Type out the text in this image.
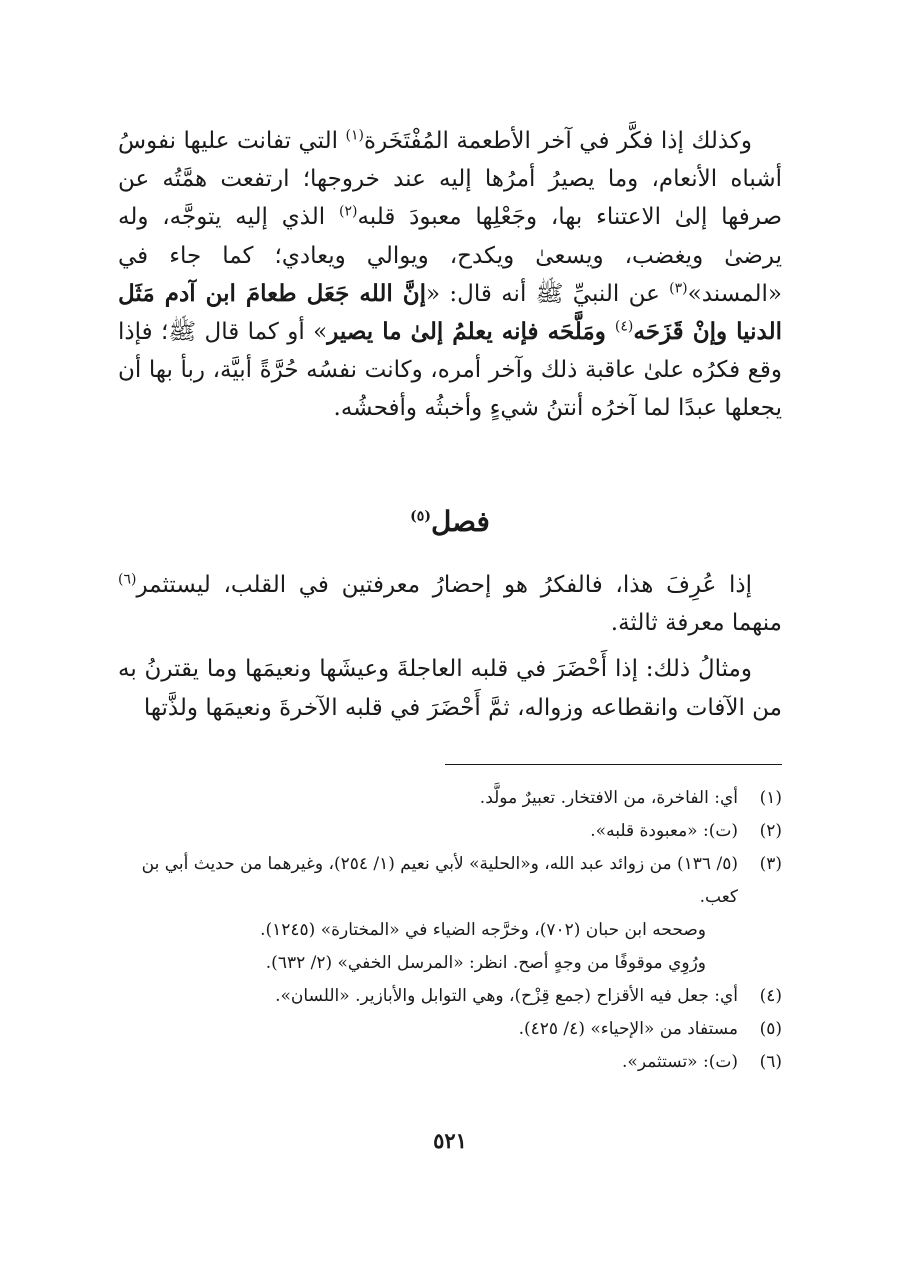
وكذلك إذا فكَّر في آخر الأطعمة المُفْتَخَرة$^{(١)}$ التي تفانت عليها نفوسُ أشباه الأنعام، وما يصيرُ أمرُها إليه عند خروجها؛ ارتفعت همَّتُه عن صرفها إلىٰ الاعتناء بها، وجَعْلِها معبودَ قلبه$^{(٢)}$ الذي إليه يتوجَّه، وله يرضىٰ ويغضب، ويسعىٰ ويكدح، ويوالي ويعادي؛ كما جاء في «المسند»$^{(٣)}$ عن النبيِّ ﷺ أنه قال: «إنَّ الله جَعَل طعامَ ابن آدم مَثَل الدنيا وإنْ قَزَحَه$^{(٤)}$ ومَلَّحَه فإنه يعلمُ إلىٰ ما يصير» أو كما قال ﷺ؛ فإذا وقع فكرُه علىٰ عاقبة ذلك وآخر أمره، وكانت نفسُه حُرَّةً أبيَّة، ربأ بها أن يجعلها عبدًا لما آخرُه أنتنُ شيءٍ وأخبثُه وأفحشُه.

فصل$^{(٥)}$

إذا عُرِفَ هذا، فالفكرُ هو إحضارُ معرفتين في القلب، ليستثمر$^{(٦)}$ منهما معرفة ثالثة.

ومثالُ ذلك: إذا أَحْضَرَ في قلبه العاجلةَ وعيشَها ونعيمَها وما يقترنُ به من الآفات وانقطاعه وزواله، ثمَّ أَحْضَرَ في قلبه الآخرةَ ونعيمَها ولذَّتها

(١)
أي: الفاخرة، من الافتخار. تعبيرٌ مولَّد.
(٢)
(ت): «معبودة قلبه».
(٣)
(٥/ ١٣٦) من زوائد عبد الله، و«الحلية» لأبي نعيم (١/ ٢٥٤)، وغيرهما من حديث أبي بن كعب.
وصححه ابن حبان (٧٠٢)، وخرَّجه الضياء في «المختارة» (١٢٤٥).
ورُوِي موقوفًا من وجهٍ أصح. انظر: «المرسل الخفي» (٢/ ٦٣٢).
(٤)
أي: جعل فيه الأقزاح (جمع قِزْح)، وهي التوابل والأبازير. «اللسان».
(٥)
مستفاد من «الإحياء» (٤/ ٤٢٥).
(٦)
(ت): «تستثمر».
٥٢١
